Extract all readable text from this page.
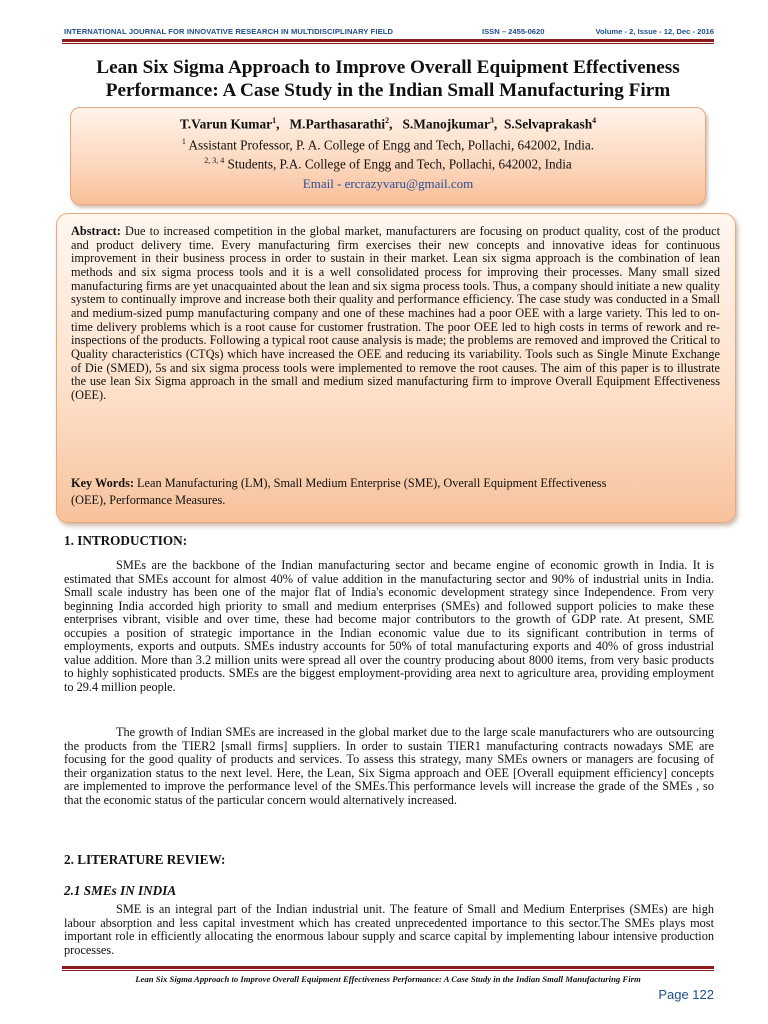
INTERNATIONAL JOURNAL FOR INNOVATIVE RESEARCH IN MULTIDISCIPLINARY FIELD	ISSN – 2455-0620	Volume - 2, Issue - 12, Dec - 2016
Lean Six Sigma Approach to Improve Overall Equipment Effectiveness Performance: A Case Study in the Indian Small Manufacturing Firm
T.Varun Kumar$^1$,   M.Parthasarathi$^2$,   S.Manojkumar$^3$,  S.Selvaprakash$^4$
$^1$ Assistant Professor, P. A. College of Engg and Tech, Pollachi, 642002, India.
$^{2, 3, 4}$ Students, P.A. College of Engg and Tech, Pollachi, 642002, India
Email - ercrazyvaru@gmail.com
Abstract: Due to increased competition in the global market, manufacturers are focusing on product quality, cost of the product and product delivery time. Every manufacturing firm exercises their new concepts and innovative ideas for continuous improvement in their business process in order to sustain in their market. Lean six sigma approach is the combination of lean methods and six sigma process tools and it is a well consolidated process for improving their processes. Many small sized manufacturing firms are yet unacquainted about the lean and six sigma process tools. Thus, a company should initiate a new quality system to continually improve and increase both their quality and performance efficiency. The case study was conducted in a Small and medium-sized pump manufacturing company and one of these machines had a poor OEE with a large variety. This led to on-time delivery problems which is a root cause for customer frustration. The poor OEE led to high costs in terms of rework and re-inspections of the products. Following a typical root cause analysis is made; the problems are removed and improved the Critical to Quality characteristics (CTQs) which have increased the OEE and reducing its variability. Tools such as Single Minute Exchange of Die (SMED), 5s and six sigma process tools were implemented to remove the root causes. The aim of this paper is to illustrate the use lean Six Sigma approach in the small and medium sized manufacturing firm to improve Overall Equipment Effectiveness (OEE).
Key Words: Lean Manufacturing (LM), Small Medium Enterprise (SME), Overall Equipment Effectiveness (OEE), Performance Measures.
1. INTRODUCTION:
SMEs are the backbone of the Indian manufacturing sector and became engine of economic growth in India. It is estimated that SMEs account for almost 40% of value addition in the manufacturing sector and 90% of industrial units in India. Small scale industry has been one of the major flat of India's economic development strategy since Independence. From very beginning India accorded high priority to small and medium enterprises (SMEs) and followed support policies to make these enterprises vibrant, visible and over time, these had become major contributors to the growth of GDP rate. At present, SME occupies a position of strategic importance in the Indian economic value due to its significant contribution in terms of employments, exports and outputs. SMEs industry accounts for 50% of total manufacturing exports and 40% of gross industrial value addition. More than 3.2 million units were spread all over the country producing about 8000 items, from very basic products to highly sophisticated products. SMEs are the biggest employment-providing area next to agriculture area, providing employment to 29.4 million people.
The growth of Indian SMEs are increased in the global market due to the large scale manufacturers who are outsourcing the products from the TIER2 [small firms] suppliers. In order to sustain TIER1 manufacturing contracts nowadays SME are focusing for the good quality of products and services. To assess this strategy, many SMEs owners or managers are focusing of their organization status to the next level. Here, the Lean, Six Sigma approach and OEE [Overall equipment efficiency] concepts are implemented to improve the performance level of the SMEs.This performance levels will increase the grade of the SMEs , so that the economic status of the particular concern would alternatively increased.
2. LITERATURE REVIEW:
2.1 SMEs IN INDIA
SME is an integral part of the Indian industrial unit. The feature of Small and Medium Enterprises (SMEs) are high labour absorption and less capital investment which has created unprecedented importance to this sector.The SMEs plays most important role in efficiently allocating the enormous labour supply and scarce capital by implementing labour intensive production processes.
Lean Six Sigma Approach to Improve Overall Equipment Effectiveness Performance: A Case Study in the Indian Small Manufacturing Firm
Page 122
